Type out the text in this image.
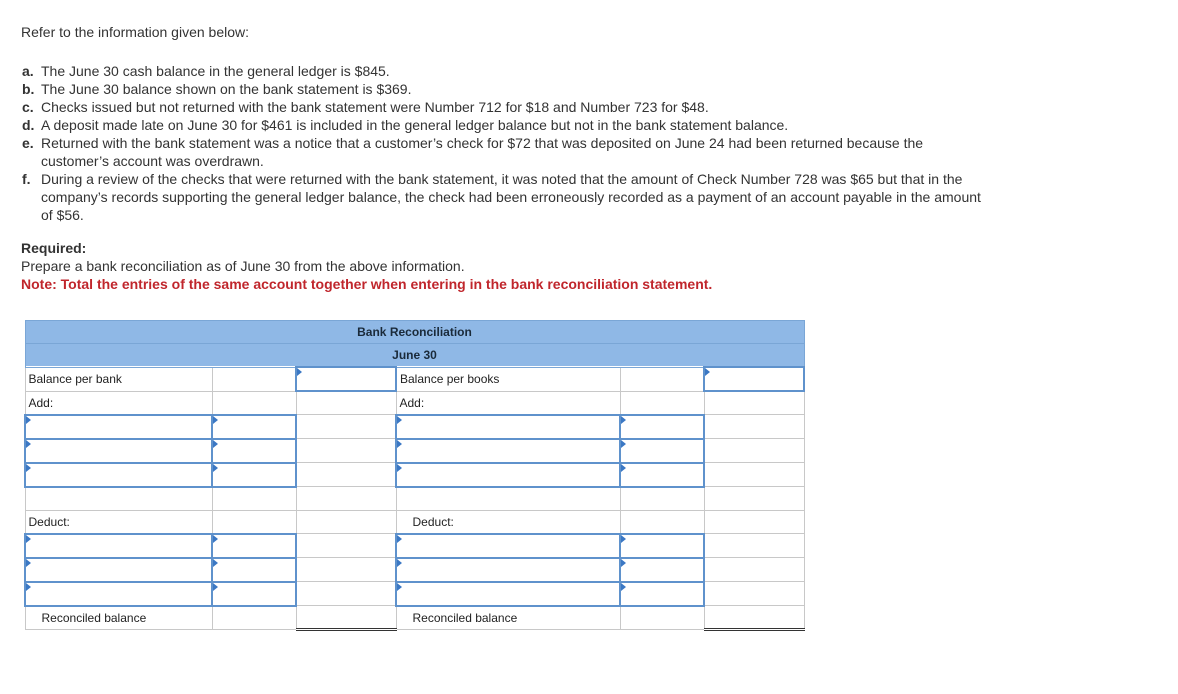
Refer to the information given below:
a. The June 30 cash balance in the general ledger is $845.
b. The June 30 balance shown on the bank statement is $369.
c. Checks issued but not returned with the bank statement were Number 712 for $18 and Number 723 for $48.
d. A deposit made late on June 30 for $461 is included in the general ledger balance but not in the bank statement balance.
e. Returned with the bank statement was a notice that a customer’s check for $72 that was deposited on June 24 had been returned because the customer’s account was overdrawn.
f. During a review of the checks that were returned with the bank statement, it was noted that the amount of Check Number 728 was $65 but that in the company’s records supporting the general ledger balance, the check had been erroneously recorded as a payment of an account payable in the amount of $56.
Required:
Prepare a bank reconciliation as of June 30 from the above information.
Note: Total the entries of the same account together when entering in the bank reconciliation statement.
Bank Reconciliation					
June 30					
Balance per bank			Balance per books		
Add:			Add:		

Deduct:			Deduct:		

Reconciled balance			Reconciled balance		
